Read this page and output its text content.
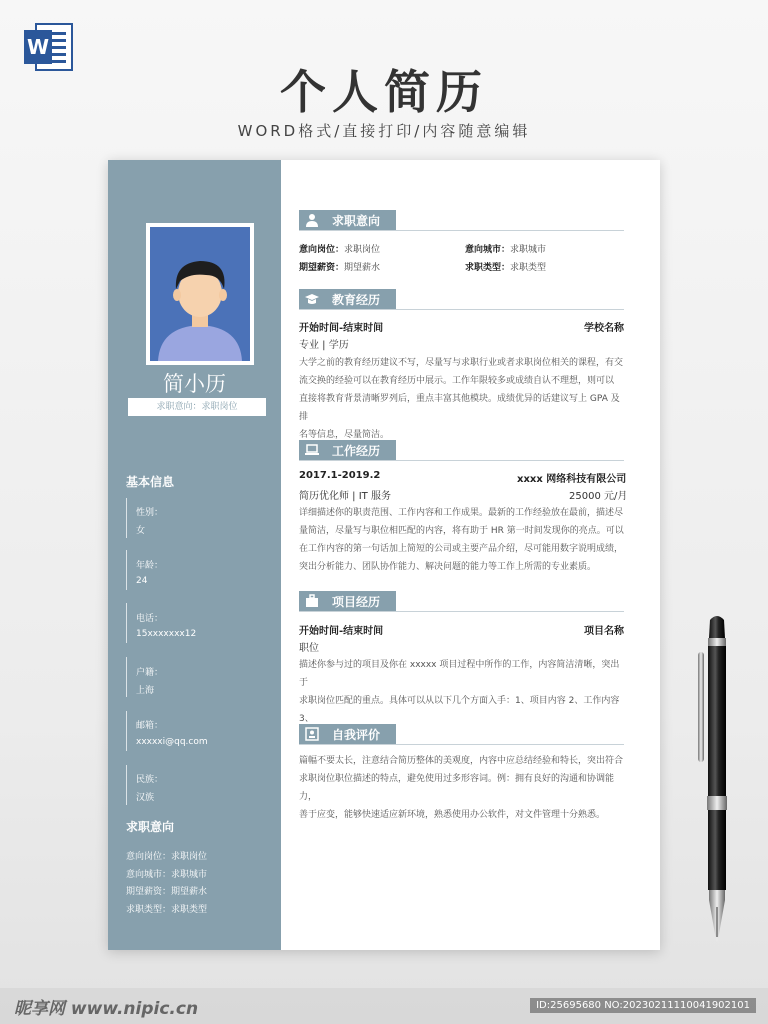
W
个人简历
WORD格式/直接打印/内容随意编辑
简小历
求职意向：求职岗位
基本信息
性别：
女
年龄：
24
电话：
15xxxxxxx12
户籍：
上海
邮箱：
xxxxxi@qq.com
民族：
汉族
求职意向
意向岗位：求职岗位
意向城市：求职城市
期望薪资：期望薪水
求职类型：求职类型
求职意向
意向岗位：求职岗位	意向城市：求职城市
期望薪资：期望薪水	求职类型：求职类型
教育经历
开始时间-结束时间	学校名称
专业 | 学历
大学之前的教育经历建议不写，尽量写与求职行业或者求职岗位相关的课程，有交
流交换的经验可以在教育经历中展示。工作年限较多或成绩自认不理想，则可以
直接将教育背景清晰罗列后，重点丰富其他模块。成绩优异的话建议写上 GPA 及排
名等信息，尽量简洁。
工作经历
2017.1-2019.2	xxxx 网络科技有限公司
简历优化师 | IT 服务	25000 元/月
详细描述你的职责范围、工作内容和工作成果。最新的工作经验放在最前，描述尽
量简洁，尽量写与职位相匹配的内容，将有助于 HR 第一时间发现你的亮点。可以
在工作内容的第一句话加上简短的公司或主要产品介绍，尽可能用数字说明成绩，
突出分析能力、团队协作能力、解决问题的能力等工作上所需的专业素质。
项目经历
开始时间-结束时间	项目名称
职位
描述你参与过的项目及你在 xxxxx 项目过程中所作的工作，内容简洁清晰，突出于
求职岗位匹配的重点。具体可以从以下几个方面入手：1、项目内容 2、工作内容 3、
自我评价
篇幅不要太长，注意结合简历整体的美观度，内容中应总结经验和特长，突出符合
求职岗位职位描述的特点，避免使用过多形容词。例：拥有良好的沟通和协调能力，
善于应变，能够快速适应新环境，熟悉使用办公软件，对文件管理十分熟悉。
昵享网 www.nipic.cn	ID:25695680 NO:20230211110041902101
